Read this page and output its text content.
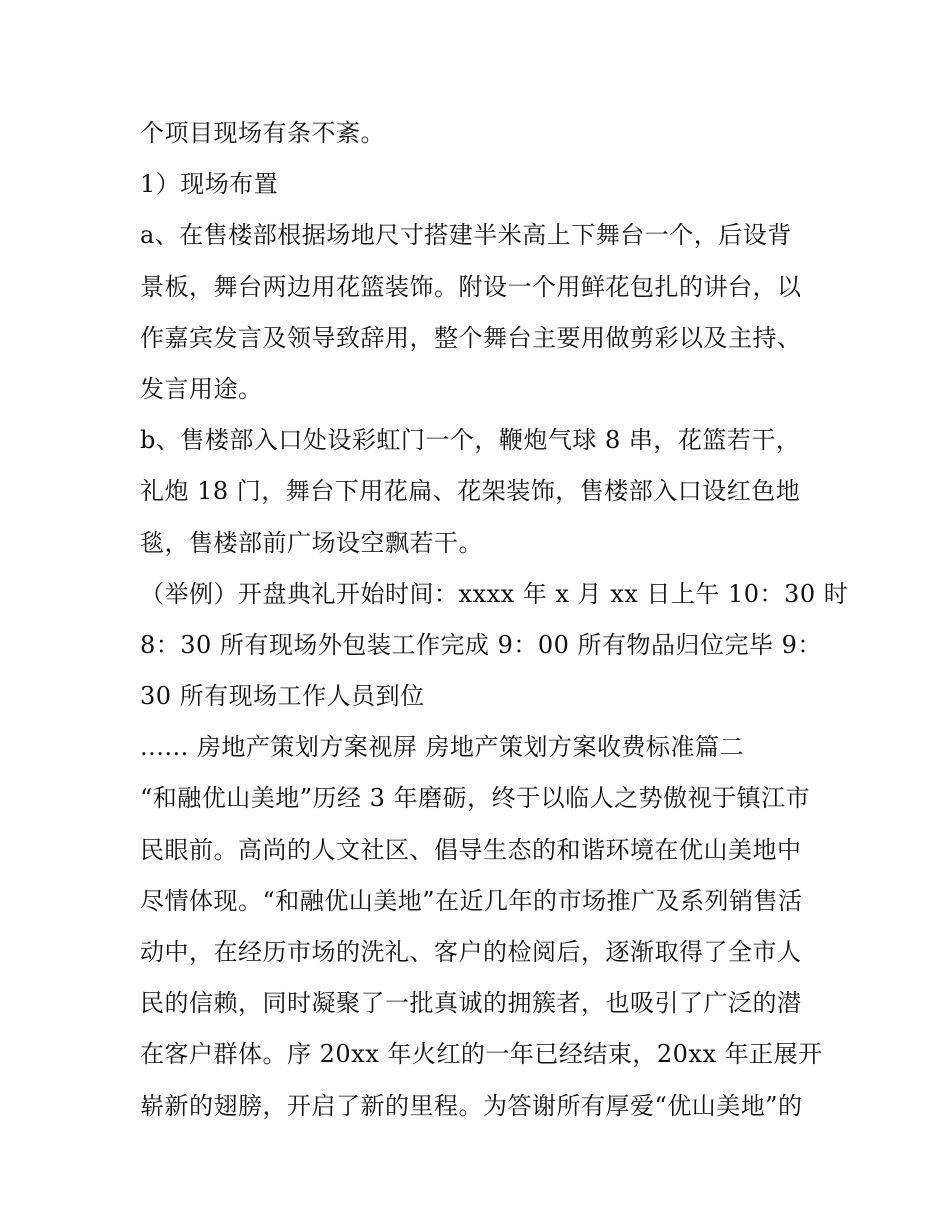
个项目现场有条不紊。
1）现场布置
a、在售楼部根据场地尺寸搭建半米高上下舞台一个，后设背
景板，舞台两边用花篮装饰。附设一个用鲜花包扎的讲台，以
作嘉宾发言及领导致辞用，整个舞台主要用做剪彩以及主持、
发言用途。
b、售楼部入口处设彩虹门一个，鞭炮气球 8 串，花篮若干，
礼炮 18 门，舞台下用花扁、花架装饰，售楼部入口设红色地
毯，售楼部前广场设空飘若干。
（举例）开盘典礼开始时间：xxxx 年 x 月 xx 日上午 10：30 时
8：30 所有现场外包装工作完成 9：00 所有物品归位完毕 9：
30 所有现场工作人员到位
...... 房地产策划方案视屏 房地产策划方案收费标准篇二
“和融优山美地”历经 3 年磨砺，终于以临人之势傲视于镇江市
民眼前。高尚的人文社区、倡导生态的和谐环境在优山美地中
尽情体现。“和融优山美地”在近几年的市场推广及系列销售活
动中，在经历市场的洗礼、客户的检阅后，逐渐取得了全市人
民的信赖，同时凝聚了一批真诚的拥簇者，也吸引了广泛的潜
在客户群体。序 20xx 年火红的一年已经结束，20xx 年正展开
崭新的翅膀，开启了新的里程。为答谢所有厚爱“优山美地”的
